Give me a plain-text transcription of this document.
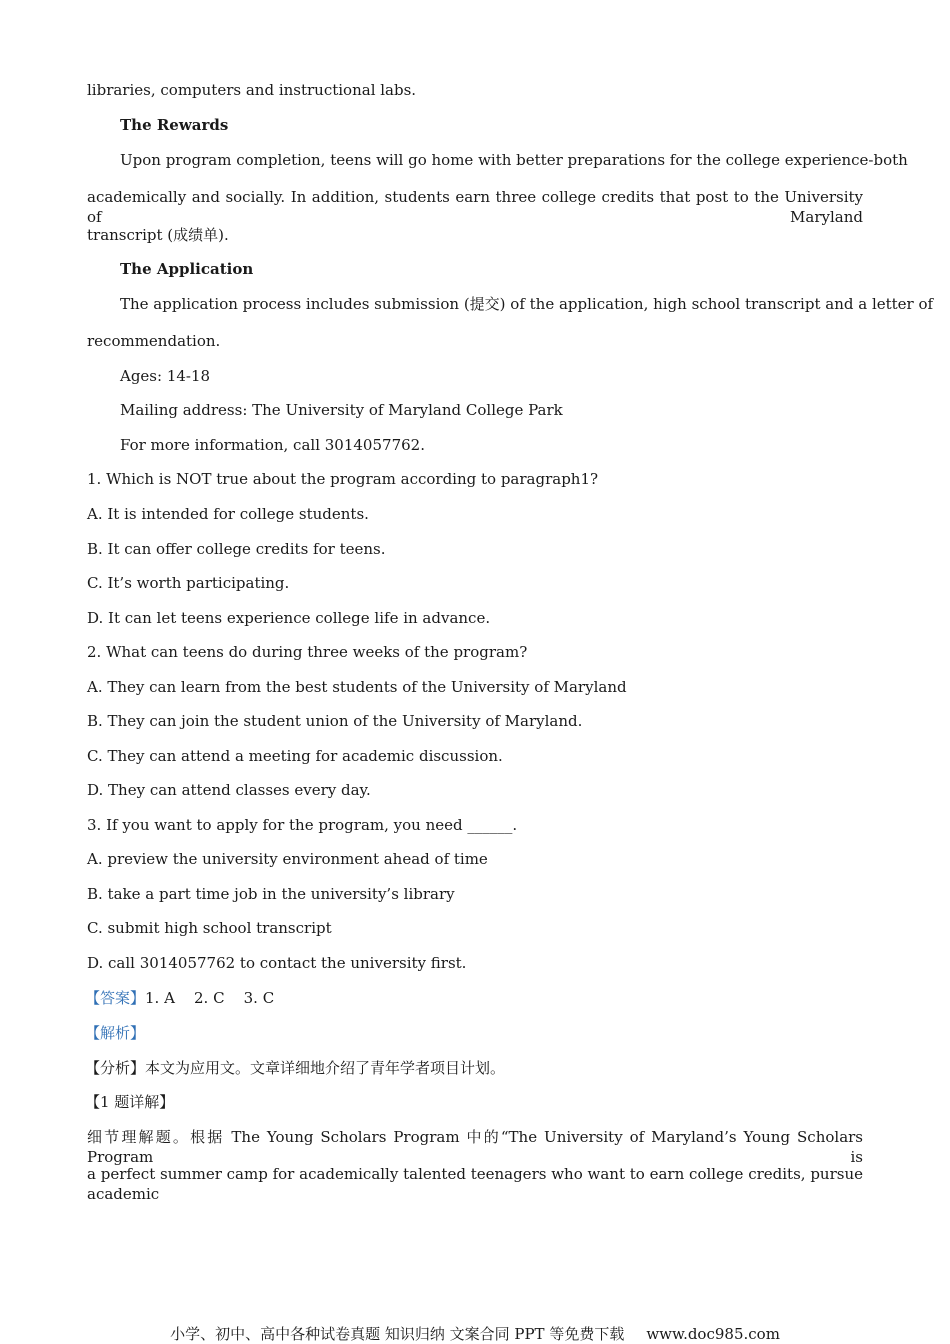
libraries, computers and instructional labs.
The Rewards
Upon program completion, teens will go home with better preparations for the college experience-both
academically and socially. In addition, students earn three college credits that post to the University of Maryland
transcript (成绩单).
The Application
The application process includes submission (提交) of the application, high school transcript and a letter of
recommendation.
Ages: 14-18
Mailing address: The University of Maryland College Park
For more information, call 3014057762.
1. Which is NOT true about the program according to paragraph1?
A. It is intended for college students.
B. It can offer college credits for teens.
C. It’s worth participating.
D. It can let teens experience college life in advance.
2. What can teens do during three weeks of the program?
A. They can learn from the best students of the University of Maryland
B. They can join the student union of the University of Maryland.
C. They can attend a meeting for academic discussion.
D. They can attend classes every day.
3. If you want to apply for the program, you need ______.
A. preview the university environment ahead of time
B. take a part time job in the university’s library
C. submit high school transcript
D. call 3014057762 to contact the university first.
【答案】1. A    2. C    3. C
【解析】
【分析】本文为应用文。文章详细地介绍了青年学者项目计划。
【1 题详解】
细节理解题。根据 The Young Scholars Program 中的“The University of Maryland’s Young Scholars Program is
a perfect summer camp for academically talented teenagers who want to earn college credits, pursue academic
小学、初中、高中各种试卷真题 知识归纳 文案合同 PPT 等免费下载 www.doc985.com
